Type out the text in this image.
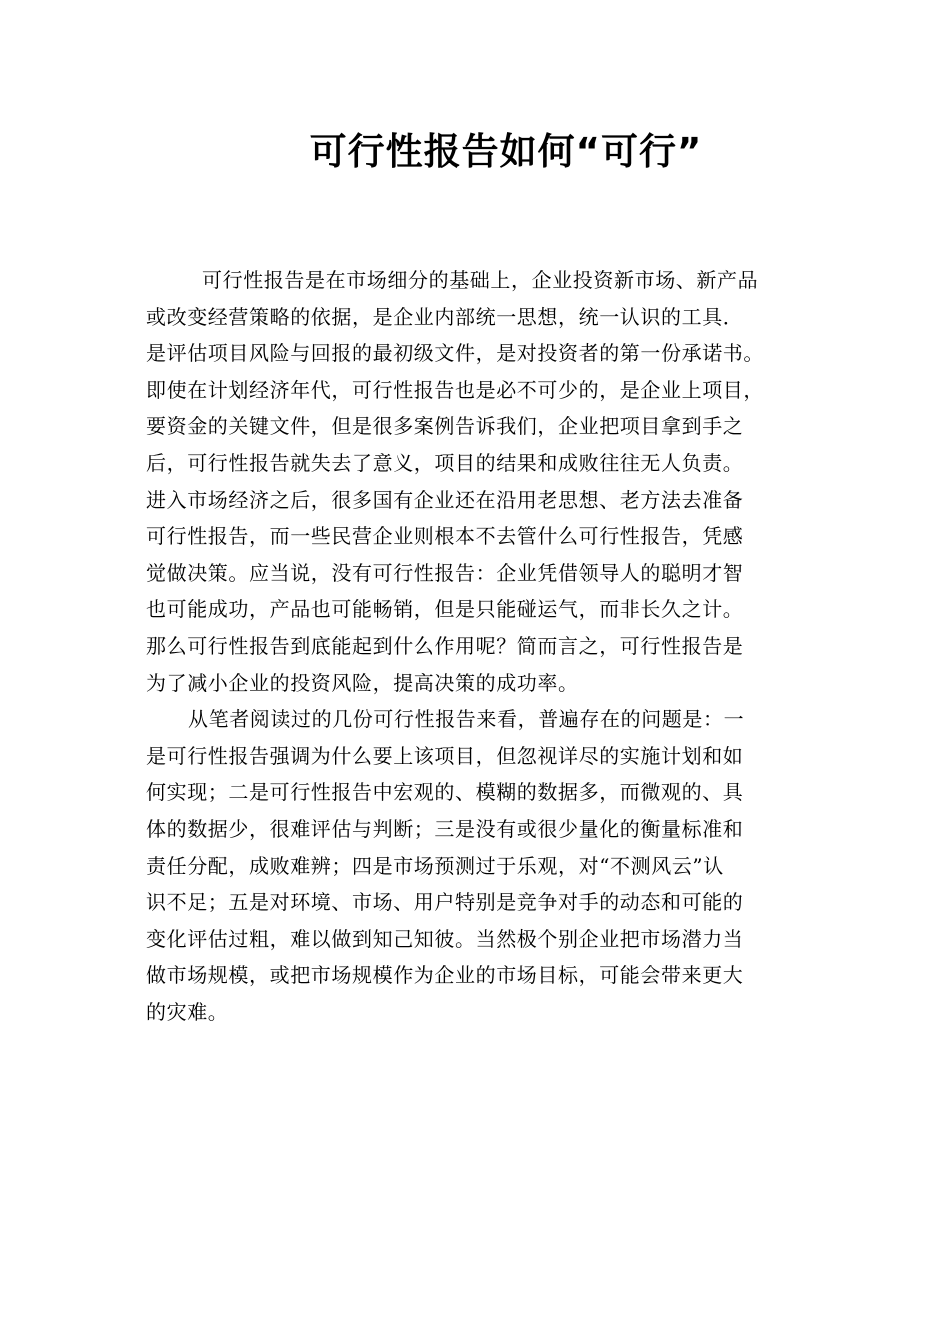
可行性报告如何“可行”
可行性报告是在市场细分的基础上，企业投资新市场、新产品
或改变经营策略的依据，是企业内部统一思想，统一认识的工具．
是评估项目风险与回报的最初级文件，是对投资者的第一份承诺书。
即使在计划经济年代，可行性报告也是必不可少的，是企业上项目，
要资金的关键文件，但是很多案例告诉我们，企业把项目拿到手之
后，可行性报告就失去了意义，项目的结果和成败往往无人负责。
进入市场经济之后，很多国有企业还在沿用老思想、老方法去准备
可行性报告，而一些民营企业则根本不去管什么可行性报告，凭感
觉做决策。应当说，没有可行性报告：企业凭借领导人的聪明才智
也可能成功，产品也可能畅销，但是只能碰运气，而非长久之计。
那么可行性报告到底能起到什么作用呢？简而言之，可行性报告是
为了减小企业的投资风险，提高决策的成功率。
从笔者阅读过的几份可行性报告来看，普遍存在的问题是：一
是可行性报告强调为什么要上该项目，但忽视详尽的实施计划和如
何实现；二是可行性报告中宏观的、模糊的数据多，而微观的、具
体的数据少，很难评估与判断；三是没有或很少量化的衡量标准和
责任分配，成败难辨；四是市场预测过于乐观，对“不测风云”认
识不足；五是对环境、市场、用户特别是竞争对手的动态和可能的
变化评估过粗，难以做到知己知彼。当然极个别企业把市场潜力当
做市场规模，或把市场规模作为企业的市场目标，可能会带来更大
的灾难。
